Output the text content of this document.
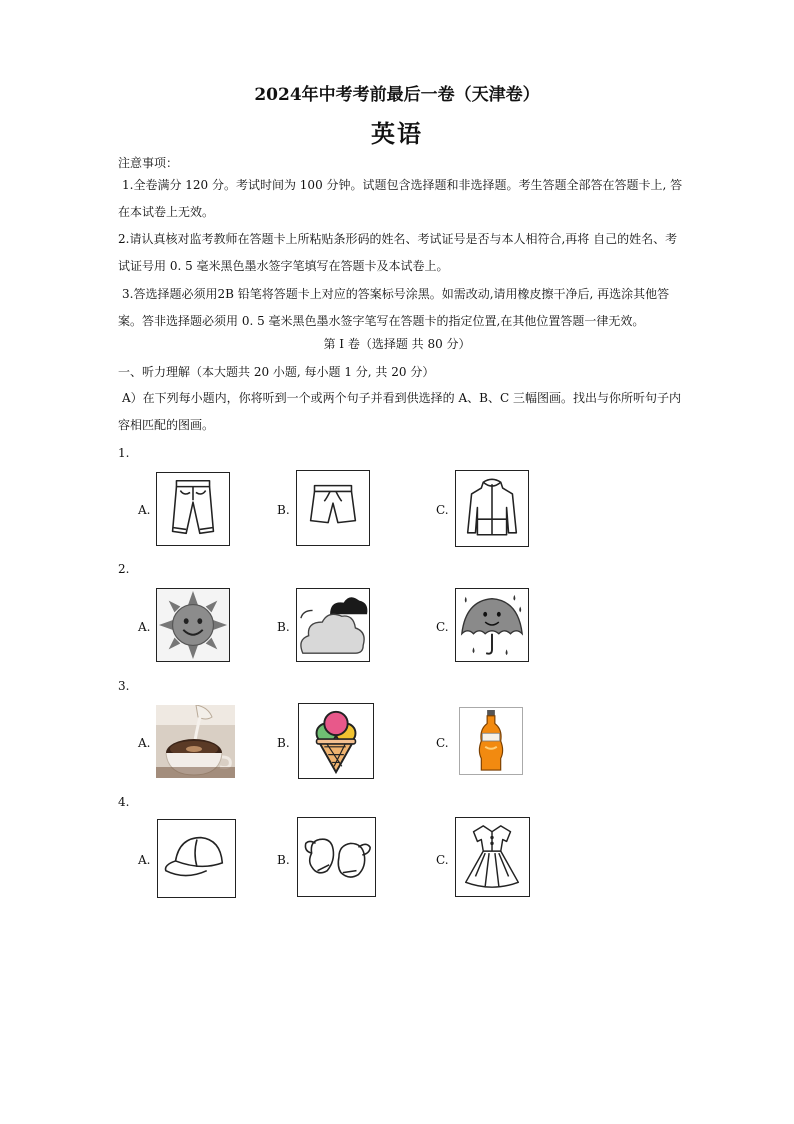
2024年中考考前最后一卷（天津卷）
英语
注意事项：
1.全卷满分 120 分。考试时间为 100 分钟。试题包含选择题和非选择题。考生答题全部答在答题卡上, 答在本试卷上无效。
2.请认真核对监考教师在答题卡上所粘贴条形码的姓名、考试证号是否与本人相符合,再将 自己的姓名、考试证号用 0. 5 毫米黑色墨水签字笔填写在答题卡及本试卷上。
3.答选择题必须用2B 铅笔将答题卡上对应的答案标号涂黑。如需改动,请用橡皮擦干净后, 再选涂其他答案。答非选择题必须用 0. 5 毫米黑色墨水签字笔写在答题卡的指定位置,在其他位置答题一律无效。
第 I 卷（选择题 共 80 分）
一、听力理解（本大题共 20 小题, 每小题 1 分, 共 20 分）
A）在下列每小题内，你将听到一个或两个句子并看到供选择的 A、B、C 三幅图画。找出与你所听句子内容相匹配的图画。
1.
A.	B.	C.
2.
A.	B.	C.
3.
A.	B.	C.
4.
A.	B.	C.
